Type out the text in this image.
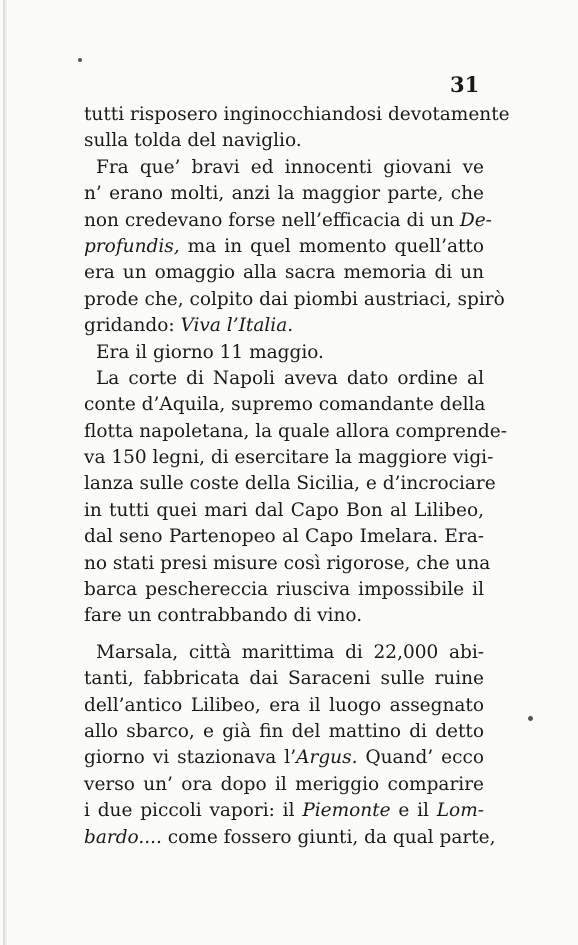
31
tutti risposero inginocchiandosi devotamente
sulla tolda del naviglio.
Fra que’ bravi ed innocenti giovani ve
n’ erano molti, anzi la maggior parte, che
non credevano forse nell’efficacia di un De-
profundis, ma in quel momento quell’atto
era un omaggio alla sacra memoria di un
prode che, colpito dai piombi austriaci, spirò
gridando: Viva l’Italia.
Era il giorno 11 maggio.
La corte di Napoli aveva dato ordine al
conte d’Aquila, supremo comandante della
flotta napoletana, la quale allora comprende-
va 150 legni, di esercitare la maggiore vigi-
lanza sulle coste della Sicilia, e d’incrociare
in tutti quei mari dal Capo Bon al Lilibeo,
dal seno Partenopeo al Capo Imelara. Era-
no stati presi misure così rigorose, che una
barca peschereccia riusciva impossibile il
fare un contrabbando di vino.
Marsala, città marittima di 22,000 abi-
tanti, fabbricata dai Saraceni sulle ruine
dell’antico Lilibeo, era il luogo assegnato
allo sbarco, e già fin del mattino di detto
giorno vi stazionava l’Argus. Quand’ ecco
verso un’ ora dopo il meriggio comparire
i due piccoli vapori: il Piemonte e il Lom-
bardo.... come fossero giunti, da qual parte,
